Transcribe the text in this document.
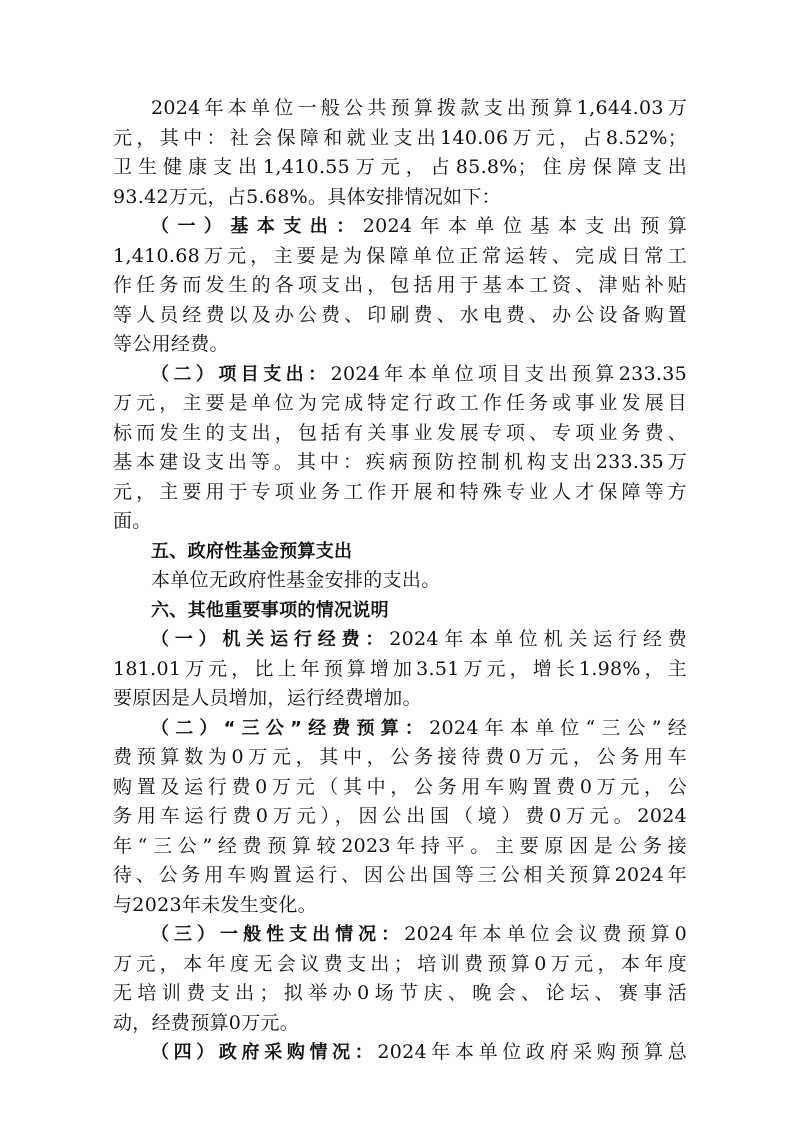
2024年本单位一般公共预算拨款支出预算1,644.03万
元，其中：社会保障和就业支出140.06万元，占8.52%；
卫生健康支出1,410.55万元，占85.8%；住房保障支出
93.42万元，占5.68%。具体安排情况如下：
（一）基本支出：2024年本单位基本支出预算
1,410.68万元，主要是为保障单位正常运转、完成日常工
作任务而发生的各项支出，包括用于基本工资、津贴补贴
等人员经费以及办公费、印刷费、水电费、办公设备购置
等公用经费。
（二）项目支出：2024年本单位项目支出预算233.35
万元，主要是单位为完成特定行政工作任务或事业发展目
标而发生的支出，包括有关事业发展专项、专项业务费、
基本建设支出等。其中：疾病预防控制机构支出233.35万
元，主要用于专项业务工作开展和特殊专业人才保障等方
面。
五、政府性基金预算支出
本单位无政府性基金安排的支出。
六、其他重要事项的情况说明
（一）机关运行经费：2024年本单位机关运行经费
181.01万元，比上年预算增加3.51万元，增长1.98%，主
要原因是人员增加，运行经费增加。
（二）“三公”经费预算：2024年本单位“三公”经
费预算数为0万元，其中，公务接待费0万元，公务用车
购置及运行费0万元（其中，公务用车购置费0万元，公
务用车运行费0万元），因公出国（境）费0万元。2024
年“三公”经费预算较2023年持平。主要原因是公务接
待、公务用车购置运行、因公出国等三公相关预算2024年
与2023年未发生变化。
（三）一般性支出情况：2024年本单位会议费预算0
万元，本年度无会议费支出；培训费预算0万元，本年度
无培训费支出；拟举办0场节庆、晚会、论坛、赛事活
动，经费预算0万元。
（四）政府采购情况：2024年本单位政府采购预算总
